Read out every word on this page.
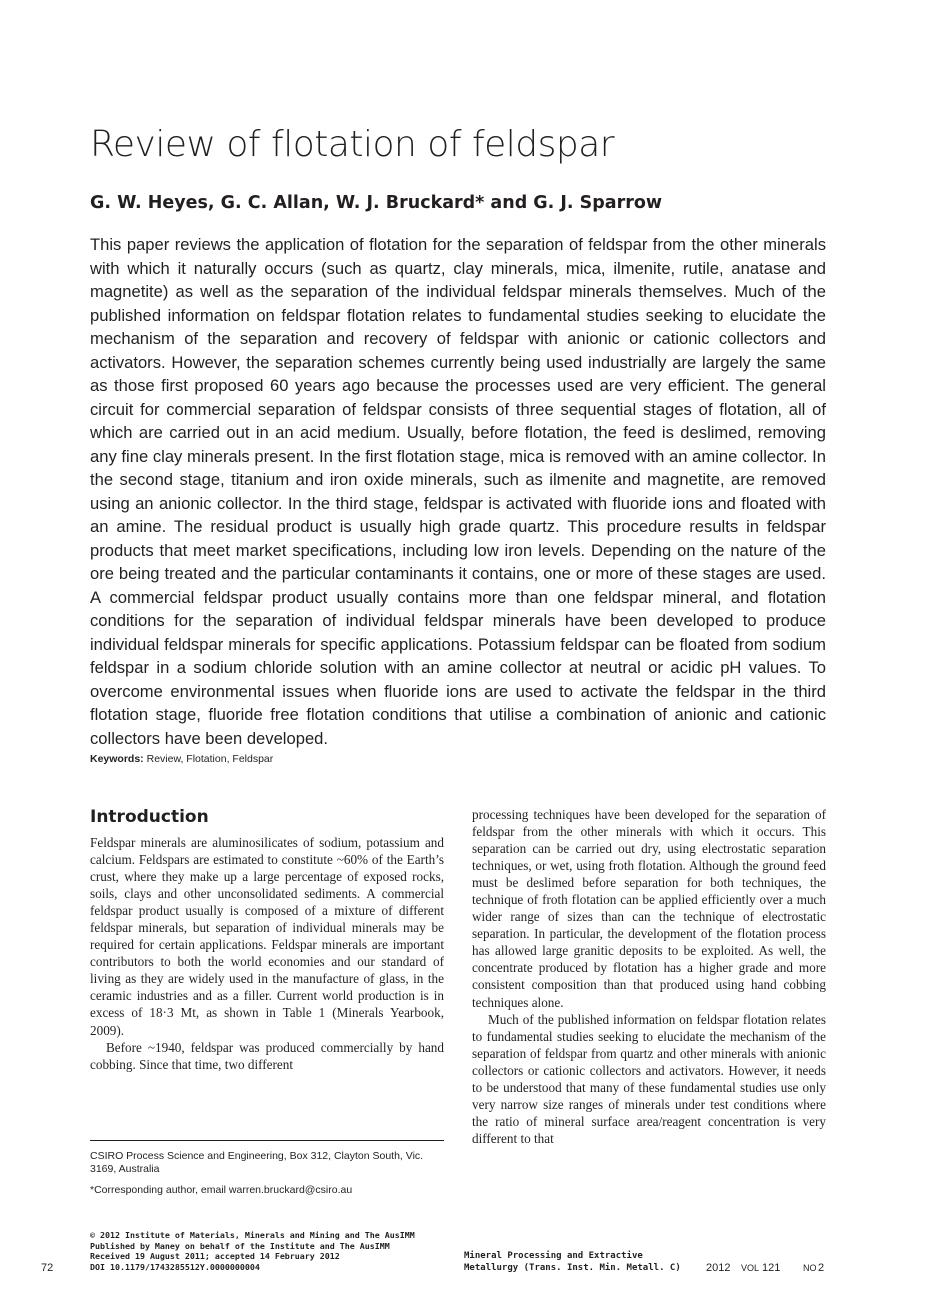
Review of flotation of feldspar
G. W. Heyes, G. C. Allan, W. J. Bruckard* and G. J. Sparrow
This paper reviews the application of flotation for the separation of feldspar from the other minerals with which it naturally occurs (such as quartz, clay minerals, mica, ilmenite, rutile, anatase and magnetite) as well as the separation of the individual feldspar minerals themselves. Much of the published information on feldspar flotation relates to fundamental studies seeking to elucidate the mechanism of the separation and recovery of feldspar with anionic or cationic collectors and activators. However, the separation schemes currently being used industrially are largely the same as those first proposed 60 years ago because the processes used are very efficient. The general circuit for commercial separation of feldspar consists of three sequential stages of flotation, all of which are carried out in an acid medium. Usually, before flotation, the feed is deslimed, removing any fine clay minerals present. In the first flotation stage, mica is removed with an amine collector. In the second stage, titanium and iron oxide minerals, such as ilmenite and magnetite, are removed using an anionic collector. In the third stage, feldspar is activated with fluoride ions and floated with an amine. The residual product is usually high grade quartz. This procedure results in feldspar products that meet market specifications, including low iron levels. Depending on the nature of the ore being treated and the particular contaminants it contains, one or more of these stages are used. A commercial feldspar product usually contains more than one feldspar mineral, and flotation conditions for the separation of individual feldspar minerals have been developed to produce individual feldspar minerals for specific applications. Potassium feldspar can be floated from sodium feldspar in a sodium chloride solution with an amine collector at neutral or acidic pH values. To overcome environmental issues when fluoride ions are used to activate the feldspar in the third flotation stage, fluoride free flotation conditions that utilise a combination of anionic and cationic collectors have been developed.
Keywords: Review, Flotation, Feldspar
Introduction

Feldspar minerals are aluminosilicates of sodium, potassium and calcium. Feldspars are estimated to constitute ~60% of the Earth’s crust, where they make up a large percentage of exposed rocks, soils, clays and other unconsolidated sediments. A commercial feldspar product usually is composed of a mixture of different feldspar minerals, but separation of individual minerals may be required for certain applications. Feldspar minerals are important contributors to both the world economies and our standard of living as they are widely used in the manufacture of glass, in the ceramic industries and as a filler. Current world production is in excess of 18·3 Mt, as shown in Table 1 (Minerals Yearbook, 2009).

Before ~1940, feldspar was produced commercially by hand cobbing. Since that time, two different

processing techniques have been developed for the separation of feldspar from the other minerals with which it occurs. This separation can be carried out dry, using electrostatic separation techniques, or wet, using froth flotation. Although the ground feed must be deslimed before separation for both techniques, the technique of froth flotation can be applied efficiently over a much wider range of sizes than can the technique of electrostatic separation. In particular, the development of the flotation process has allowed large granitic deposits to be exploited. As well, the concentrate produced by flotation has a higher grade and more consistent composition than that produced using hand cobbing techniques alone.

Much of the published information on feldspar flotation relates to fundamental studies seeking to elucidate the mechanism of the separation of feldspar from quartz and other minerals with anionic collectors or cationic collectors and activators. However, it needs to be understood that many of these fundamental studies use only very narrow size ranges of minerals under test conditions where the ratio of mineral surface area/reagent concentration is very different to that

CSIRO Process Science and Engineering, Box 312, Clayton South, Vic. 3169, Australia
*Corresponding author, email warren.bruckard@csiro.au
© 2012 Institute of Materials, Minerals and Mining and The AusIMM
Published by Maney on behalf of the Institute and The AusIMM
Received 19 August 2011; accepted 14 February 2012
DOI 10.1179/1743285512Y.0000000004
72
Mineral Processing and Extractive
Metallurgy (Trans. Inst. Min. Metall. C) 2012 VOL 121	NO 2
